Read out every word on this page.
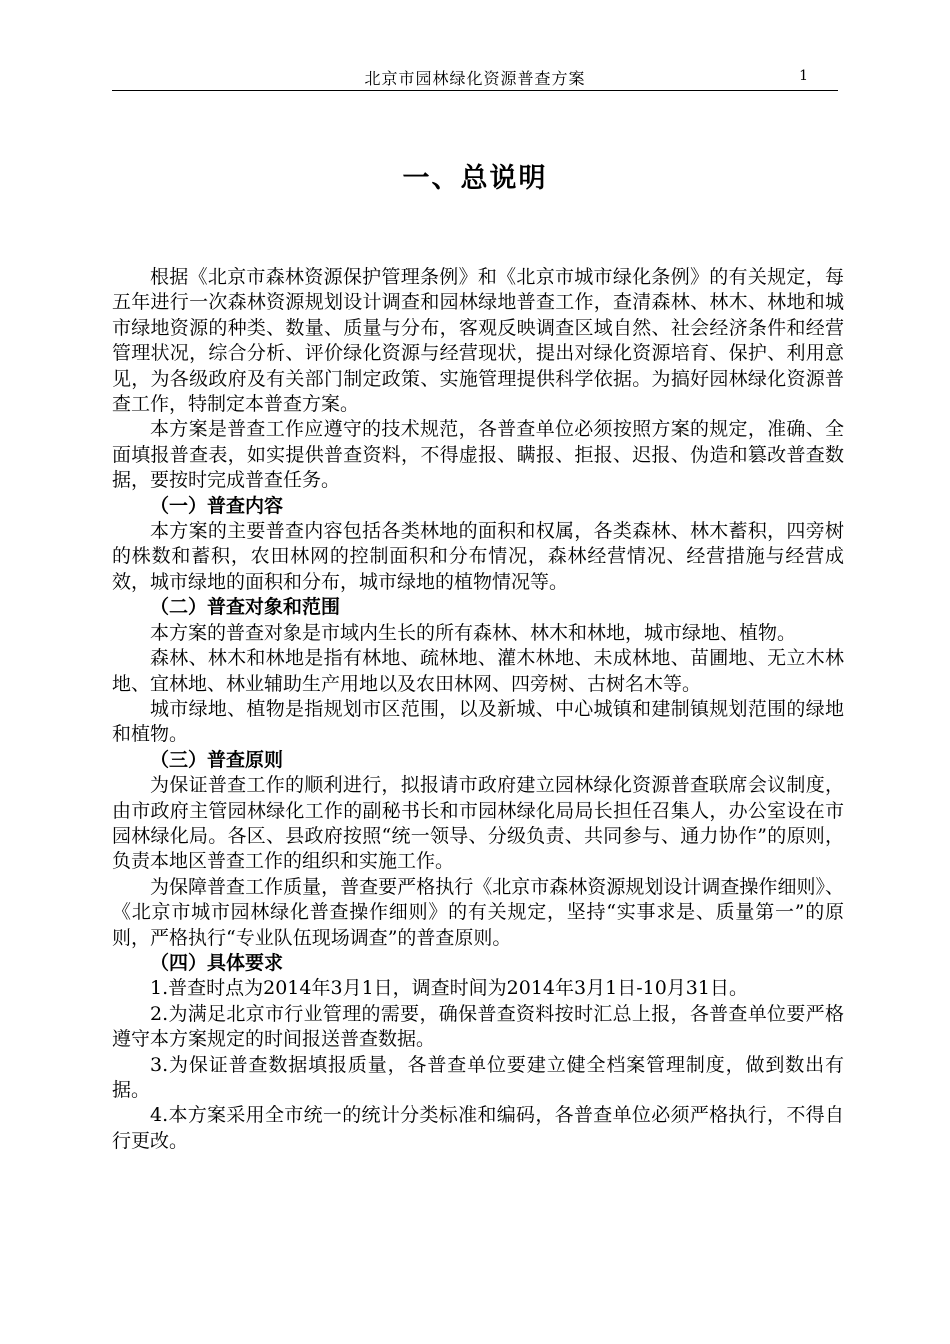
北京市园林绿化资源普查方案	1
一、总说明

根据《北京市森林资源保护管理条例》和《北京市城市绿化条例》的有关规定，每五年进行一次森林资源规划设计调查和园林绿地普查工作，查清森林、林木、林地和城市绿地资源的种类、数量、质量与分布，客观反映调查区域自然、社会经济条件和经营管理状况，综合分析、评价绿化资源与经营现状，提出对绿化资源培育、保护、利用意见，为各级政府及有关部门制定政策、实施管理提供科学依据。为搞好园林绿化资源普查工作，特制定本普查方案。

本方案是普查工作应遵守的技术规范，各普查单位必须按照方案的规定，准确、全面填报普查表，如实提供普查资料，不得虚报、瞒报、拒报、迟报、伪造和篡改普查数据，要按时完成普查任务。

（一）普查内容

本方案的主要普查内容包括各类林地的面积和权属，各类森林、林木蓄积，四旁树的株数和蓄积，农田林网的控制面积和分布情况，森林经营情况、经营措施与经营成效，城市绿地的面积和分布，城市绿地的植物情况等。

（二）普查对象和范围

本方案的普查对象是市域内生长的所有森林、林木和林地，城市绿地、植物。

森林、林木和林地是指有林地、疏林地、灌木林地、未成林地、苗圃地、无立木林地、宜林地、林业辅助生产用地以及农田林网、四旁树、古树名木等。

城市绿地、植物是指规划市区范围，以及新城、中心城镇和建制镇规划范围的绿地和植物。

（三）普查原则

为保证普查工作的顺利进行，拟报请市政府建立园林绿化资源普查联席会议制度，由市政府主管园林绿化工作的副秘书长和市园林绿化局局长担任召集人，办公室设在市园林绿化局。各区、县政府按照“统一领导、分级负责、共同参与、通力协作”的原则，负责本地区普查工作的组织和实施工作。

为保障普查工作质量，普查要严格执行《北京市森林资源规划设计调查操作细则》、《北京市城市园林绿化普查操作细则》的有关规定，坚持“实事求是、质量第一”的原则，严格执行“专业队伍现场调查”的普查原则。

（四）具体要求

1.普查时点为2014年3月1日，调查时间为2014年3月1日-10月31日。

2.为满足北京市行业管理的需要，确保普查资料按时汇总上报，各普查单位要严格遵守本方案规定的时间报送普查数据。

3.为保证普查数据填报质量，各普查单位要建立健全档案管理制度，做到数出有据。

4.本方案采用全市统一的统计分类标准和编码，各普查单位必须严格执行，不得自行更改。
